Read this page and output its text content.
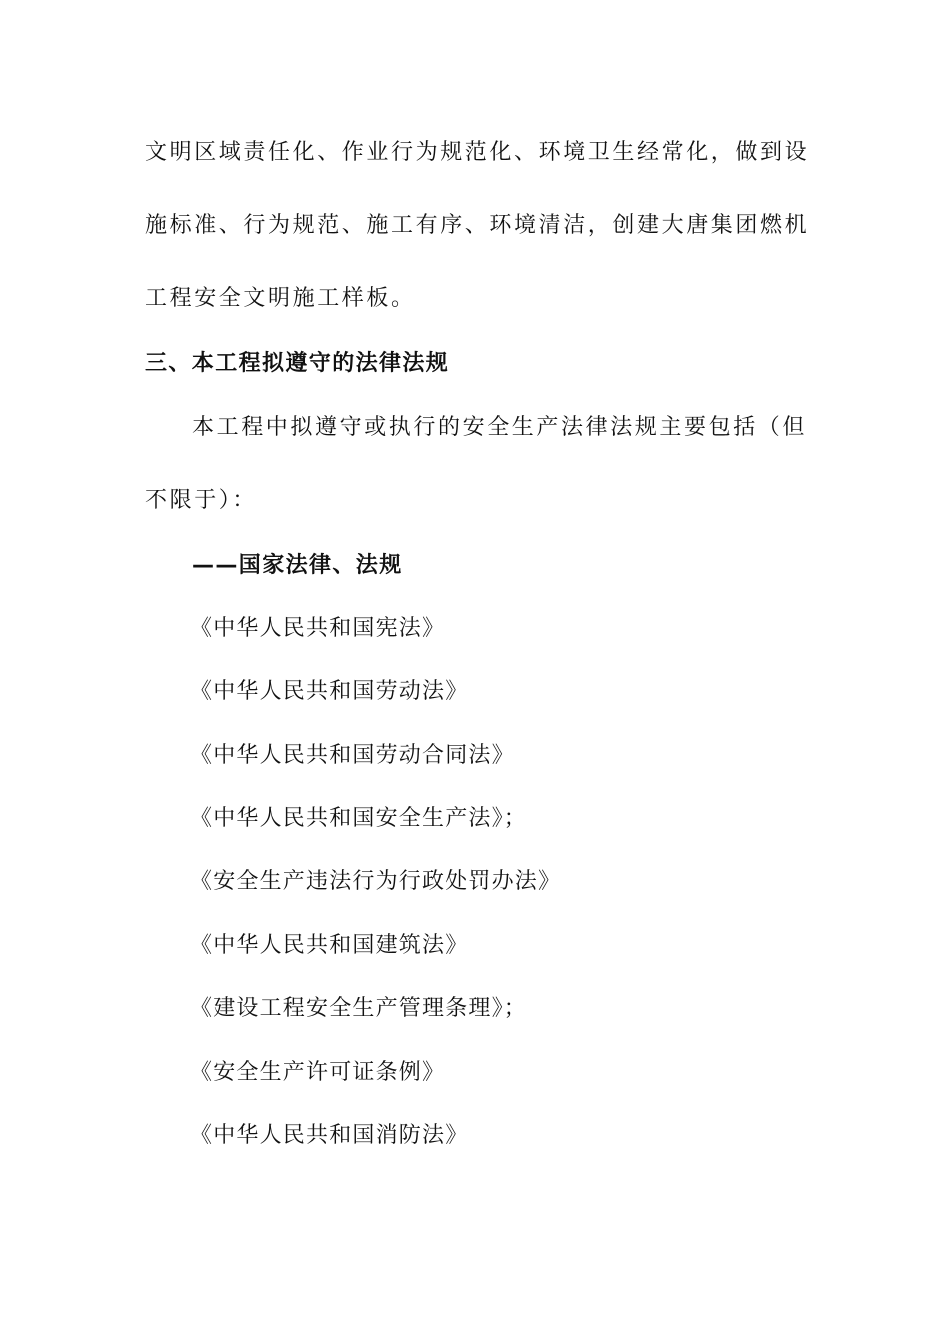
文明区域责任化、作业行为规范化、环境卫生经常化，做到设
施标准、行为规范、施工有序、环境清洁，创建大唐集团燃机
工程安全文明施工样板。
三、本工程拟遵守的法律法规
本工程中拟遵守或执行的安全生产法律法规主要包括（但
不限于）：
——国家法律、法规
《中华人民共和国宪法》
《中华人民共和国劳动法》
《中华人民共和国劳动合同法》
《中华人民共和国安全生产法》；
《安全生产违法行为行政处罚办法》
《中华人民共和国建筑法》
《建设工程安全生产管理条理》；
《安全生产许可证条例》
《中华人民共和国消防法》
